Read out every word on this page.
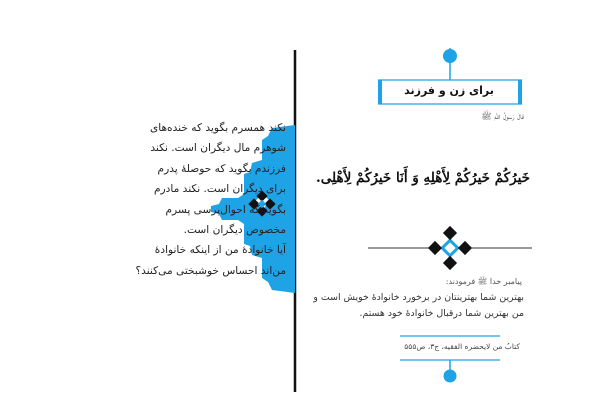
نکند همسرم بگوید که خنده‌های
شوهرم مال دیگران است. نکند
فرزندم بگوید که حوصلۀ پدرم
برای دیگران است. نکند مادرم
بگوید که احوال‌پرسی پسرم
مخصوص دیگران است.
آیا خانوادۀ من از اینکه خانوادۀ
من‌اند احساس خوشبختی می‌کنند؟
برای زن و فرزند
قالَ رَسولُ اللهِ ﷺ
خَیرُکُمْ خَیرُکُمْ لِأَهْلِهِ وَ أَنَا خَیرُکُمْ لِأَهْلِی.
پیامبر خدا ﷺ فرمودند:
بهترین شما بهترینتان در برخورد خانوادۀ خویش است و
من بهترین شما درقبال خانوادۀ خود هستم.
کتابُ من لایحضره الفقیه، ج۳، ص۵۵۵
